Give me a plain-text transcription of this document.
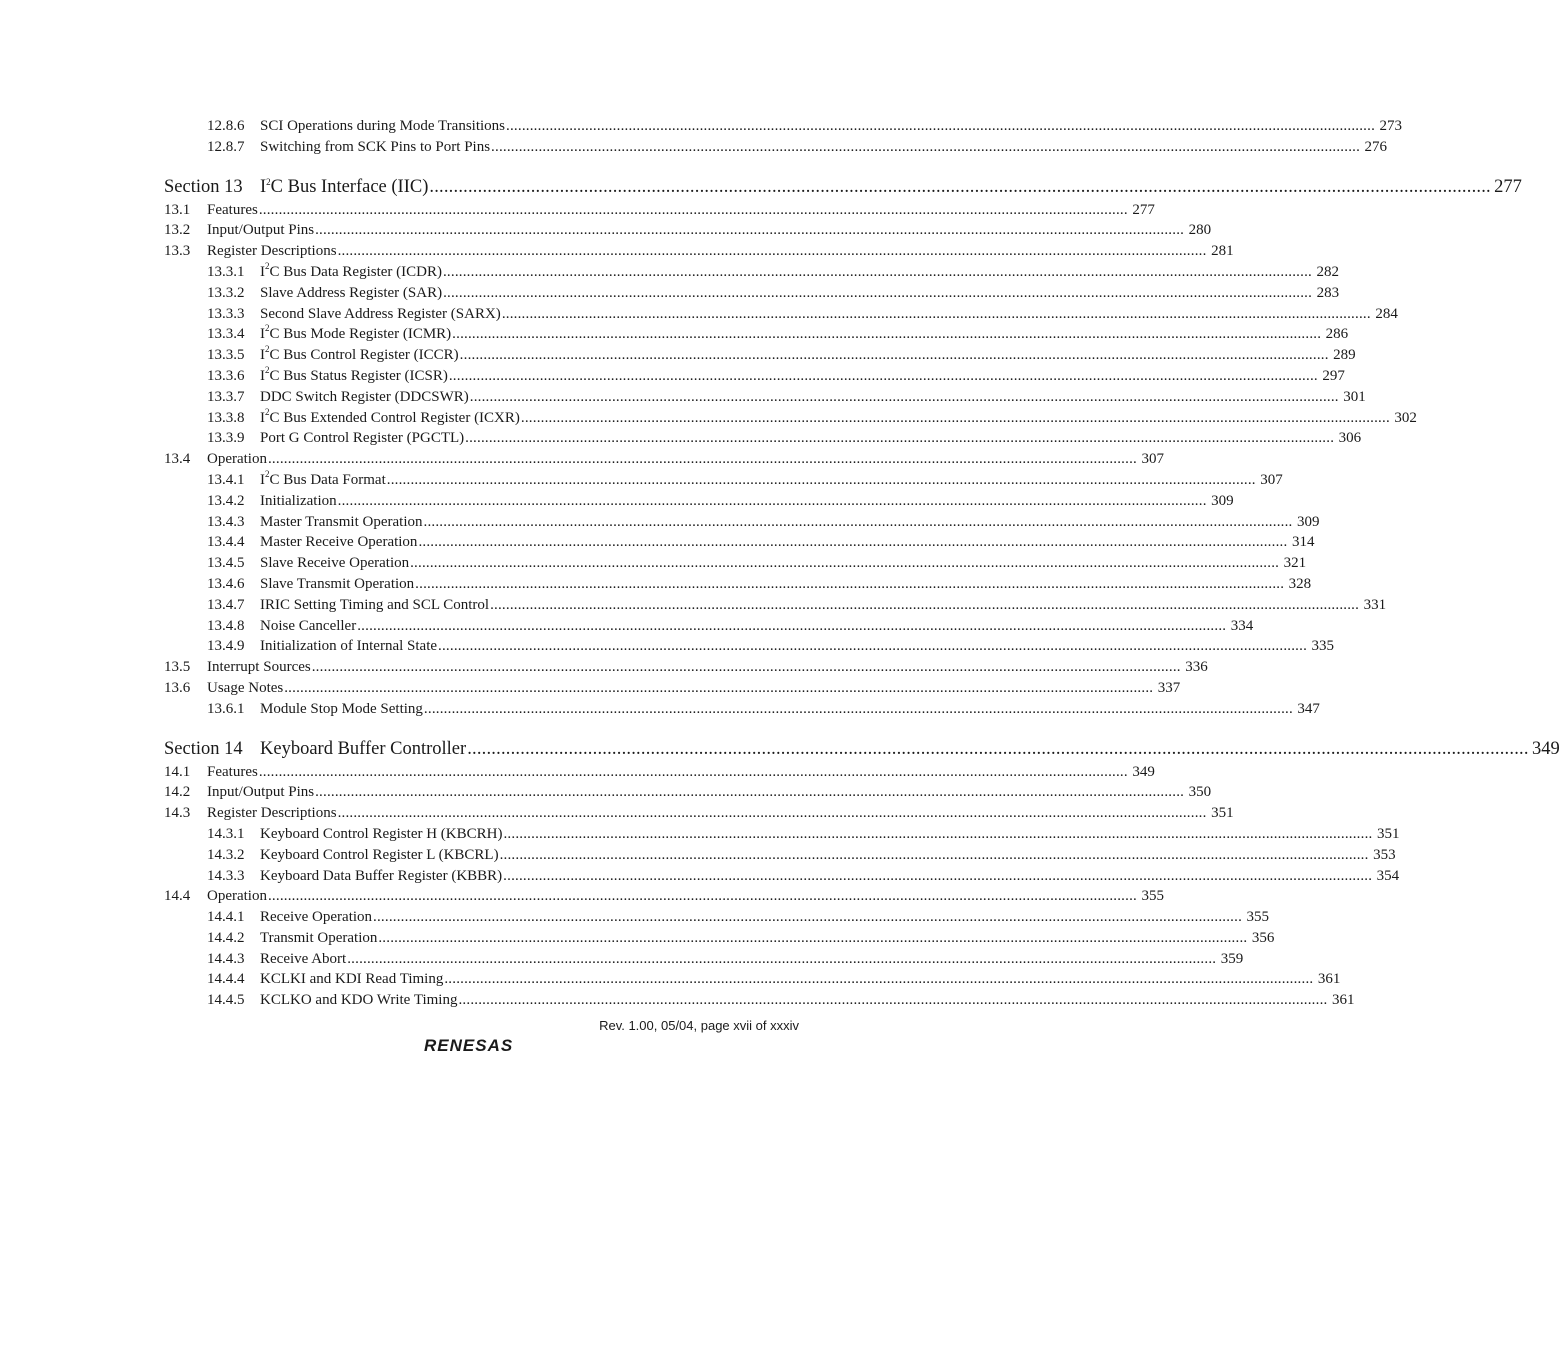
12.8.6	SCI Operations during Mode Transitions ............................................................................................................................................................................................................................ 273
12.8.7	Switching from SCK Pins to Port Pins ............................................................................................................................................................................................................................ 276
Section 13 $I^2C$ Bus Interface (IIC) ............................................................................................................................................................................................................................ 277
13.1	Features ............................................................................................................................................................................................................................ 277
13.2	Input/Output Pins ............................................................................................................................................................................................................................ 280
13.3	Register Descriptions ............................................................................................................................................................................................................................ 281
13.3.1	$I^2C$ Bus Data Register (ICDR) ............................................................................................................................................................................................................................ 282
13.3.2	Slave Address Register (SAR) ............................................................................................................................................................................................................................ 283
13.3.3	Second Slave Address Register (SARX) ............................................................................................................................................................................................................................ 284
13.3.4	$I^2C$ Bus Mode Register (ICMR) ............................................................................................................................................................................................................................ 286
13.3.5	$I^2C$ Bus Control Register (ICCR) ............................................................................................................................................................................................................................ 289
13.3.6	$I^2C$ Bus Status Register (ICSR) ............................................................................................................................................................................................................................ 297
13.3.7	DDC Switch Register (DDCSWR) ............................................................................................................................................................................................................................ 301
13.3.8	$I^2C$ Bus Extended Control Register (ICXR) ............................................................................................................................................................................................................................ 302
13.3.9	Port G Control Register (PGCTL) ............................................................................................................................................................................................................................ 306
13.4	Operation ............................................................................................................................................................................................................................ 307
13.4.1	$I^2C$ Bus Data Format ............................................................................................................................................................................................................................ 307
13.4.2	Initialization ............................................................................................................................................................................................................................ 309
13.4.3	Master Transmit Operation ............................................................................................................................................................................................................................ 309
13.4.4	Master Receive Operation ............................................................................................................................................................................................................................ 314
13.4.5	Slave Receive Operation ............................................................................................................................................................................................................................ 321
13.4.6	Slave Transmit Operation ............................................................................................................................................................................................................................ 328
13.4.7	IRIC Setting Timing and SCL Control ............................................................................................................................................................................................................................ 331
13.4.8	Noise Canceller ............................................................................................................................................................................................................................ 334
13.4.9	Initialization of Internal State ............................................................................................................................................................................................................................ 335
13.5	Interrupt Sources ............................................................................................................................................................................................................................ 336
13.6	Usage Notes ............................................................................................................................................................................................................................ 337
13.6.1	Module Stop Mode Setting ............................................................................................................................................................................................................................ 347
Section 14 Keyboard Buffer Controller ............................................................................................................................................................................................................................ 349
14.1	Features ............................................................................................................................................................................................................................ 349
14.2	Input/Output Pins ............................................................................................................................................................................................................................ 350
14.3	Register Descriptions ............................................................................................................................................................................................................................ 351
14.3.1	Keyboard Control Register H (KBCRH) ............................................................................................................................................................................................................................ 351
14.3.2	Keyboard Control Register L (KBCRL) ............................................................................................................................................................................................................................ 353
14.3.3	Keyboard Data Buffer Register (KBBR) ............................................................................................................................................................................................................................ 354
14.4	Operation ............................................................................................................................................................................................................................ 355
14.4.1	Receive Operation ............................................................................................................................................................................................................................ 355
14.4.2	Transmit Operation ............................................................................................................................................................................................................................ 356
14.4.3	Receive Abort ............................................................................................................................................................................................................................ 359
14.4.4	KCLKI and KDI Read Timing ............................................................................................................................................................................................................................ 361
14.4.5	KCLKO and KDO Write Timing ............................................................................................................................................................................................................................ 361
Rev. 1.00, 05/04, page xvii of xxxiv
RENESAS
